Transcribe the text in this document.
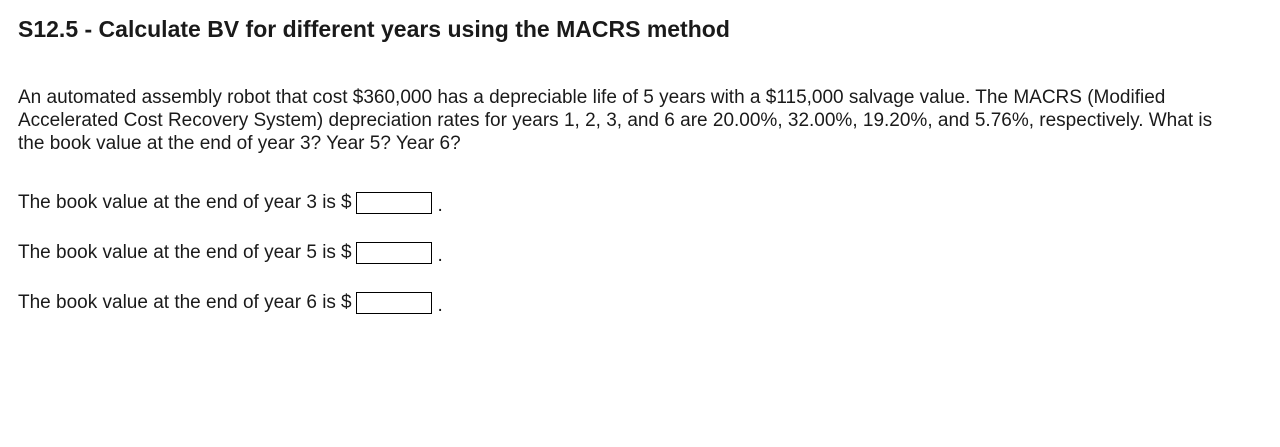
S12.5 - Calculate BV for different years using the MACRS method

An automated assembly robot that cost $360,000 has a depreciable life of 5 years with a $115,000 salvage value. The MACRS (Modified Accelerated Cost Recovery System) depreciation rates for years 1, 2, 3, and 6 are 20.00%, 32.00%, 19.20%, and 5.76%, respectively. What is the book value at the end of year 3? Year 5? Year 6?

The book value at the end of year 3 is $	.
The book value at the end of year 5 is $	.
The book value at the end of year 6 is $	.
